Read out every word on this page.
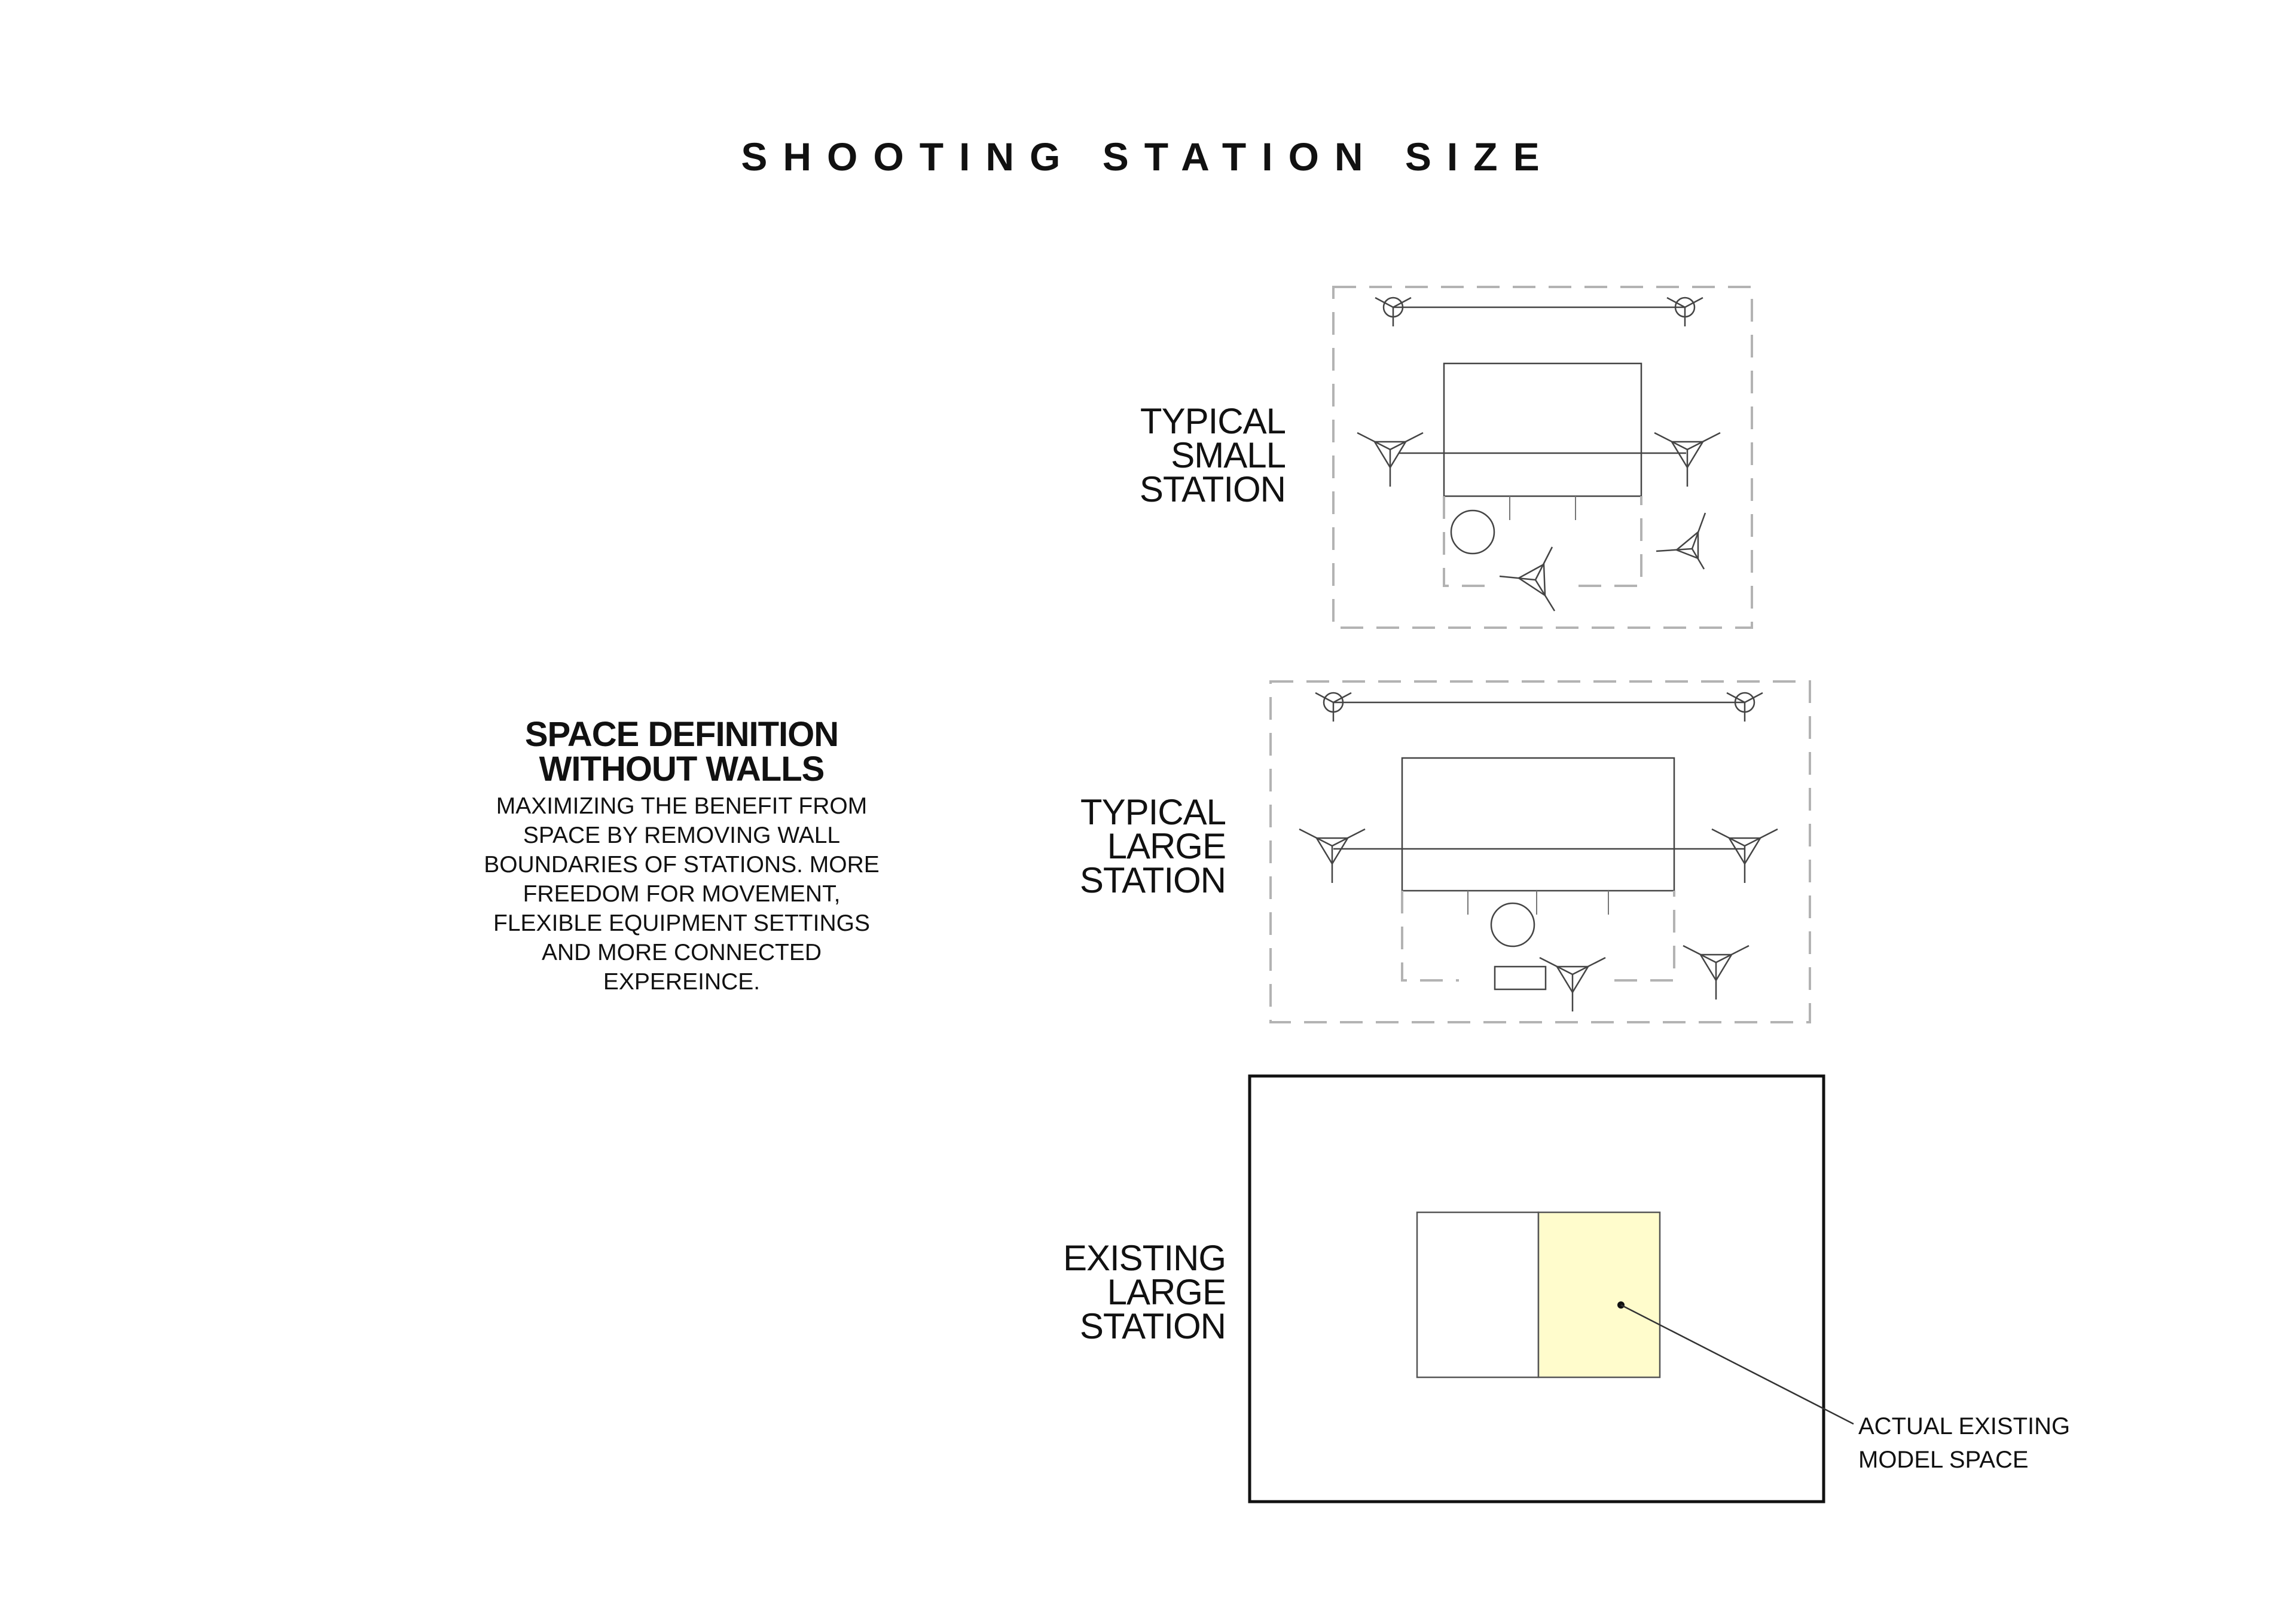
SHOOTING STATION SIZE
TYPICAL
SMALL
STATION
TYPICAL
LARGE
STATION
EXISTING
LARGE
STATION
SPACE DEFINITION
WITHOUT WALLS
MAXIMIZING THE BENEFIT FROM
SPACE BY REMOVING WALL
BOUNDARIES OF STATIONS. MORE
FREEDOM FOR MOVEMENT,
FLEXIBLE EQUIPMENT SETTINGS
AND MORE CONNECTED
EXPEREINCE.
ACTUAL EXISTING
MODEL SPACE
